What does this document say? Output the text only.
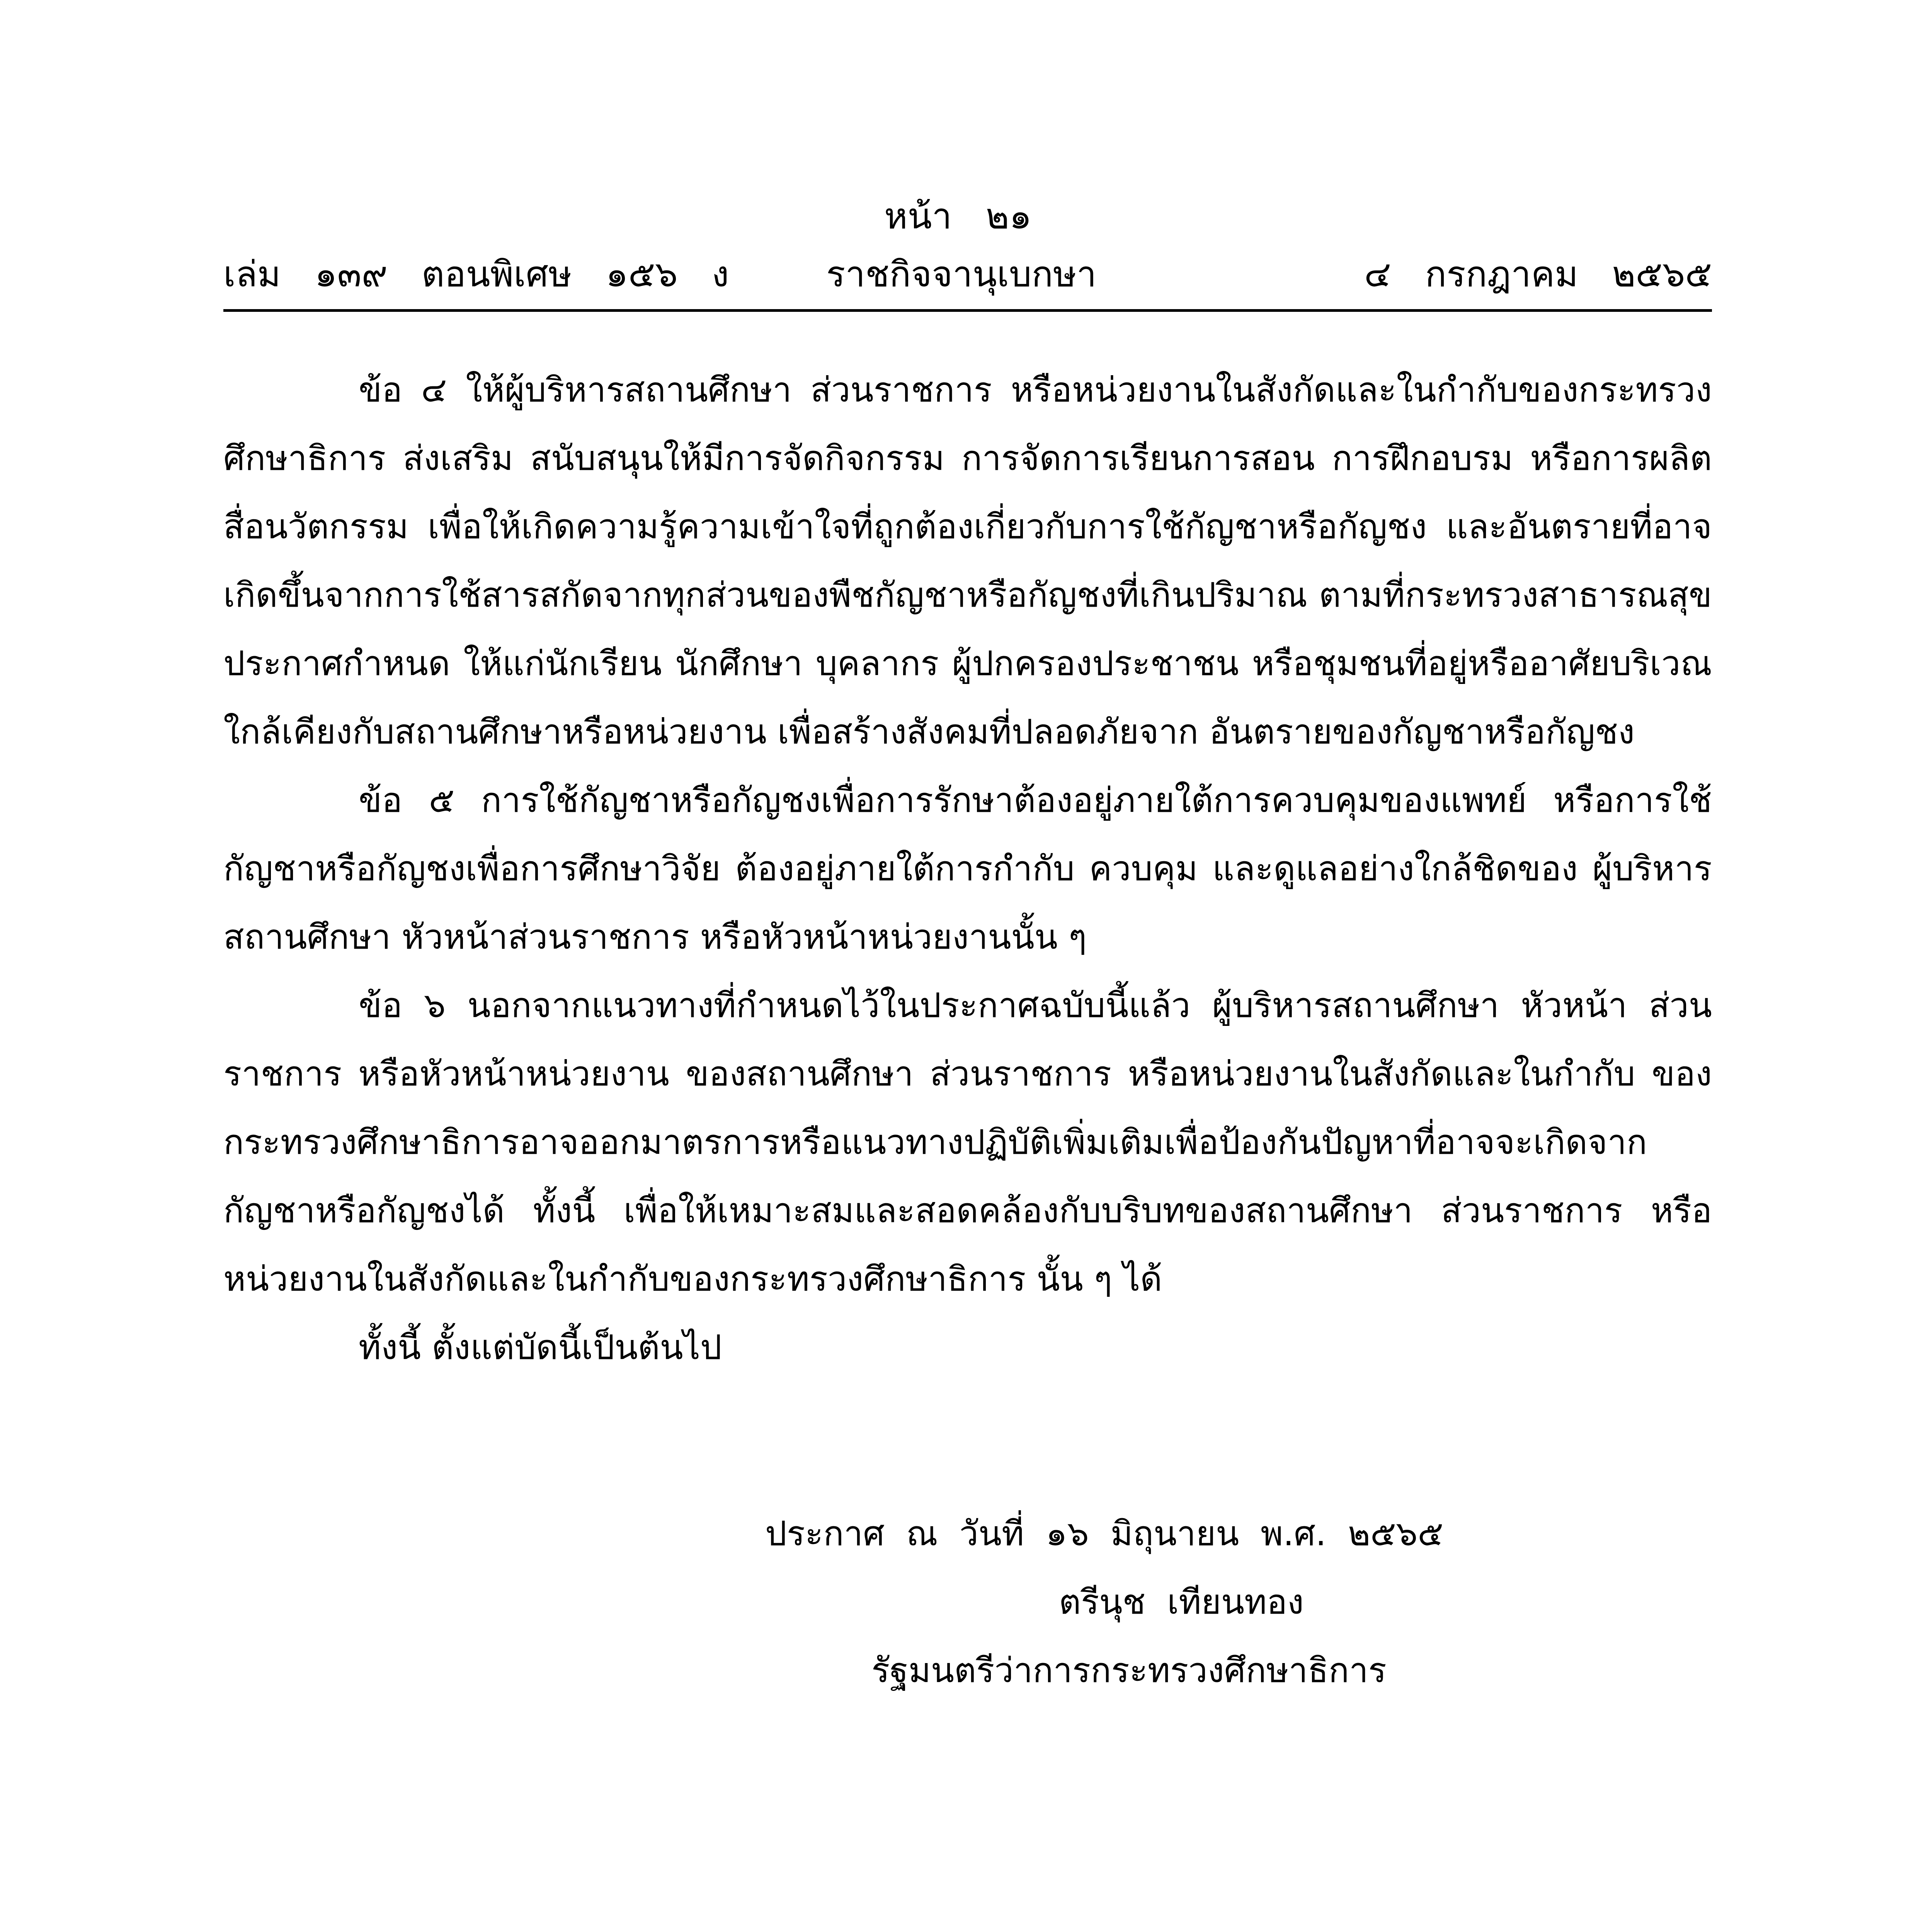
หน้า   ๒๑
เล่ม   ๑๓๙   ตอนพิเศษ   ๑๕๖   ง	ราชกิจจานุเบกษา	๔   กรกฎาคม   ๒๕๖๕

ข้อ ๔ ให้ผู้บริหารสถานศึกษา ส่วนราชการ หรือหน่วยงานในสังกัดและในกำกับของกระทรวงศึกษาธิการ ส่งเสริม สนับสนุนให้มีการจัดกิจกรรม การจัดการเรียนการสอน การฝึกอบรม หรือการผลิตสื่อนวัตกรรม เพื่อให้เกิดความรู้ความเข้าใจที่ถูกต้องเกี่ยวกับการใช้กัญชาหรือกัญชง และอันตรายที่อาจเกิดขึ้นจากการใช้สารสกัดจากทุกส่วนของพืชกัญชาหรือกัญชงที่เกินปริมาณ ตามที่กระทรวงสาธารณสุขประกาศกำหนด ให้แก่นักเรียน นักศึกษา บุคลากร ผู้ปกครองประชาชน หรือชุมชนที่อยู่หรืออาศัยบริเวณใกล้เคียงกับสถานศึกษาหรือหน่วยงาน เพื่อสร้างสังคมที่ปลอดภัยจาก อันตรายของกัญชาหรือกัญชง

ข้อ ๕ การใช้กัญชาหรือกัญชงเพื่อการรักษาต้องอยู่ภายใต้การควบคุมของแพทย์ หรือการใช้ กัญชาหรือกัญชงเพื่อการศึกษาวิจัย ต้องอยู่ภายใต้การกำกับ ควบคุม และดูแลอย่างใกล้ชิดของ ผู้บริหารสถานศึกษา หัวหน้าส่วนราชการ หรือหัวหน้าหน่วยงานนั้น ๆ

ข้อ ๖ นอกจากแนวทางที่กำหนดไว้ในประกาศฉบับนี้แล้ว ผู้บริหารสถานศึกษา หัวหน้า ส่วนราชการ หรือหัวหน้าหน่วยงาน ของสถานศึกษา ส่วนราชการ หรือหน่วยงานในสังกัดและในกำกับ ของกระทรวงศึกษาธิการอาจออกมาตรการหรือแนวทางปฏิบัติเพิ่มเติมเพื่อป้องกันปัญหาที่อาจจะเกิดจาก กัญชาหรือกัญชงได้ ทั้งนี้ เพื่อให้เหมาะสมและสอดคล้องกับบริบทของสถานศึกษา ส่วนราชการ หรือหน่วยงานในสังกัดและในกำกับของกระทรวงศึกษาธิการ นั้น ๆ ได้

ทั้งนี้ ตั้งแต่บัดนี้เป็นต้นไป

ประกาศ  ณ  วันที่  ๑๖  มิถุนายน  พ.ศ.  ๒๕๖๕
ตรีนุช  เทียนทอง
รัฐมนตรีว่าการกระทรวงศึกษาธิการ
